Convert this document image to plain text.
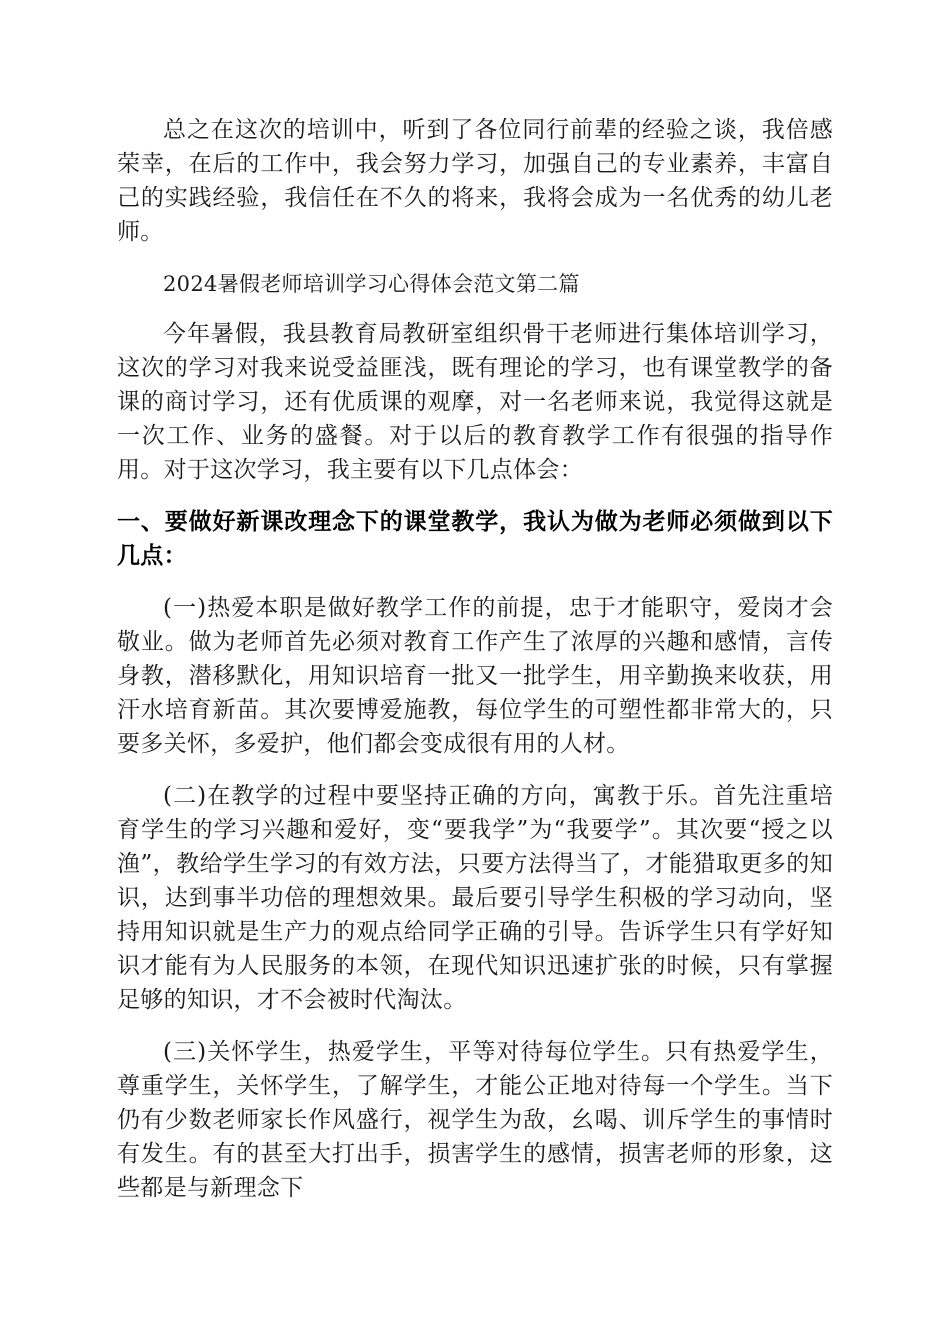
总之在这次的培训中，听到了各位同行前辈的经验之谈，我倍感荣幸，在后的工作中，我会努力学习，加强自己的专业素养，丰富自己的实践经验，我信任在不久的将来，我将会成为一名优秀的幼儿老师。

2024暑假老师培训学习心得体会范文第二篇

今年暑假，我县教育局教研室组织骨干老师进行集体培训学习，这次的学习对我来说受益匪浅，既有理论的学习，也有课堂教学的备课的商讨学习，还有优质课的观摩，对一名老师来说，我觉得这就是一次工作、业务的盛餐。对于以后的教育教学工作有很强的指导作用。对于这次学习，我主要有以下几点体会：

一、要做好新课改理念下的课堂教学，我认为做为老师必须做到以下几点：

(一)热爱本职是做好教学工作的前提，忠于才能职守，爱岗才会敬业。做为老师首先必须对教育工作产生了浓厚的兴趣和感情，言传身教，潜移默化，用知识培育一批又一批学生，用辛勤换来收获，用汗水培育新苗。其次要博爱施教，每位学生的可塑性都非常大的，只要多关怀，多爱护，他们都会变成很有用的人材。

(二)在教学的过程中要坚持正确的方向，寓教于乐。首先注重培育学生的学习兴趣和爱好，变“要我学”为“我要学”。其次要“授之以渔”，教给学生学习的有效方法，只要方法得当了，才能猎取更多的知识，达到事半功倍的理想效果。最后要引导学生积极的学习动向，坚持用知识就是生产力的观点给同学正确的引导。告诉学生只有学好知识才能有为人民服务的本领，在现代知识迅速扩张的时候，只有掌握足够的知识，才不会被时代淘汰。

(三)关怀学生，热爱学生，平等对待每位学生。只有热爱学生，尊重学生，关怀学生，了解学生，才能公正地对待每一个学生。当下仍有少数老师家长作风盛行，视学生为敌，幺喝、训斥学生的事情时有发生。有的甚至大打出手，损害学生的感情，损害老师的形象，这些都是与新理念下
